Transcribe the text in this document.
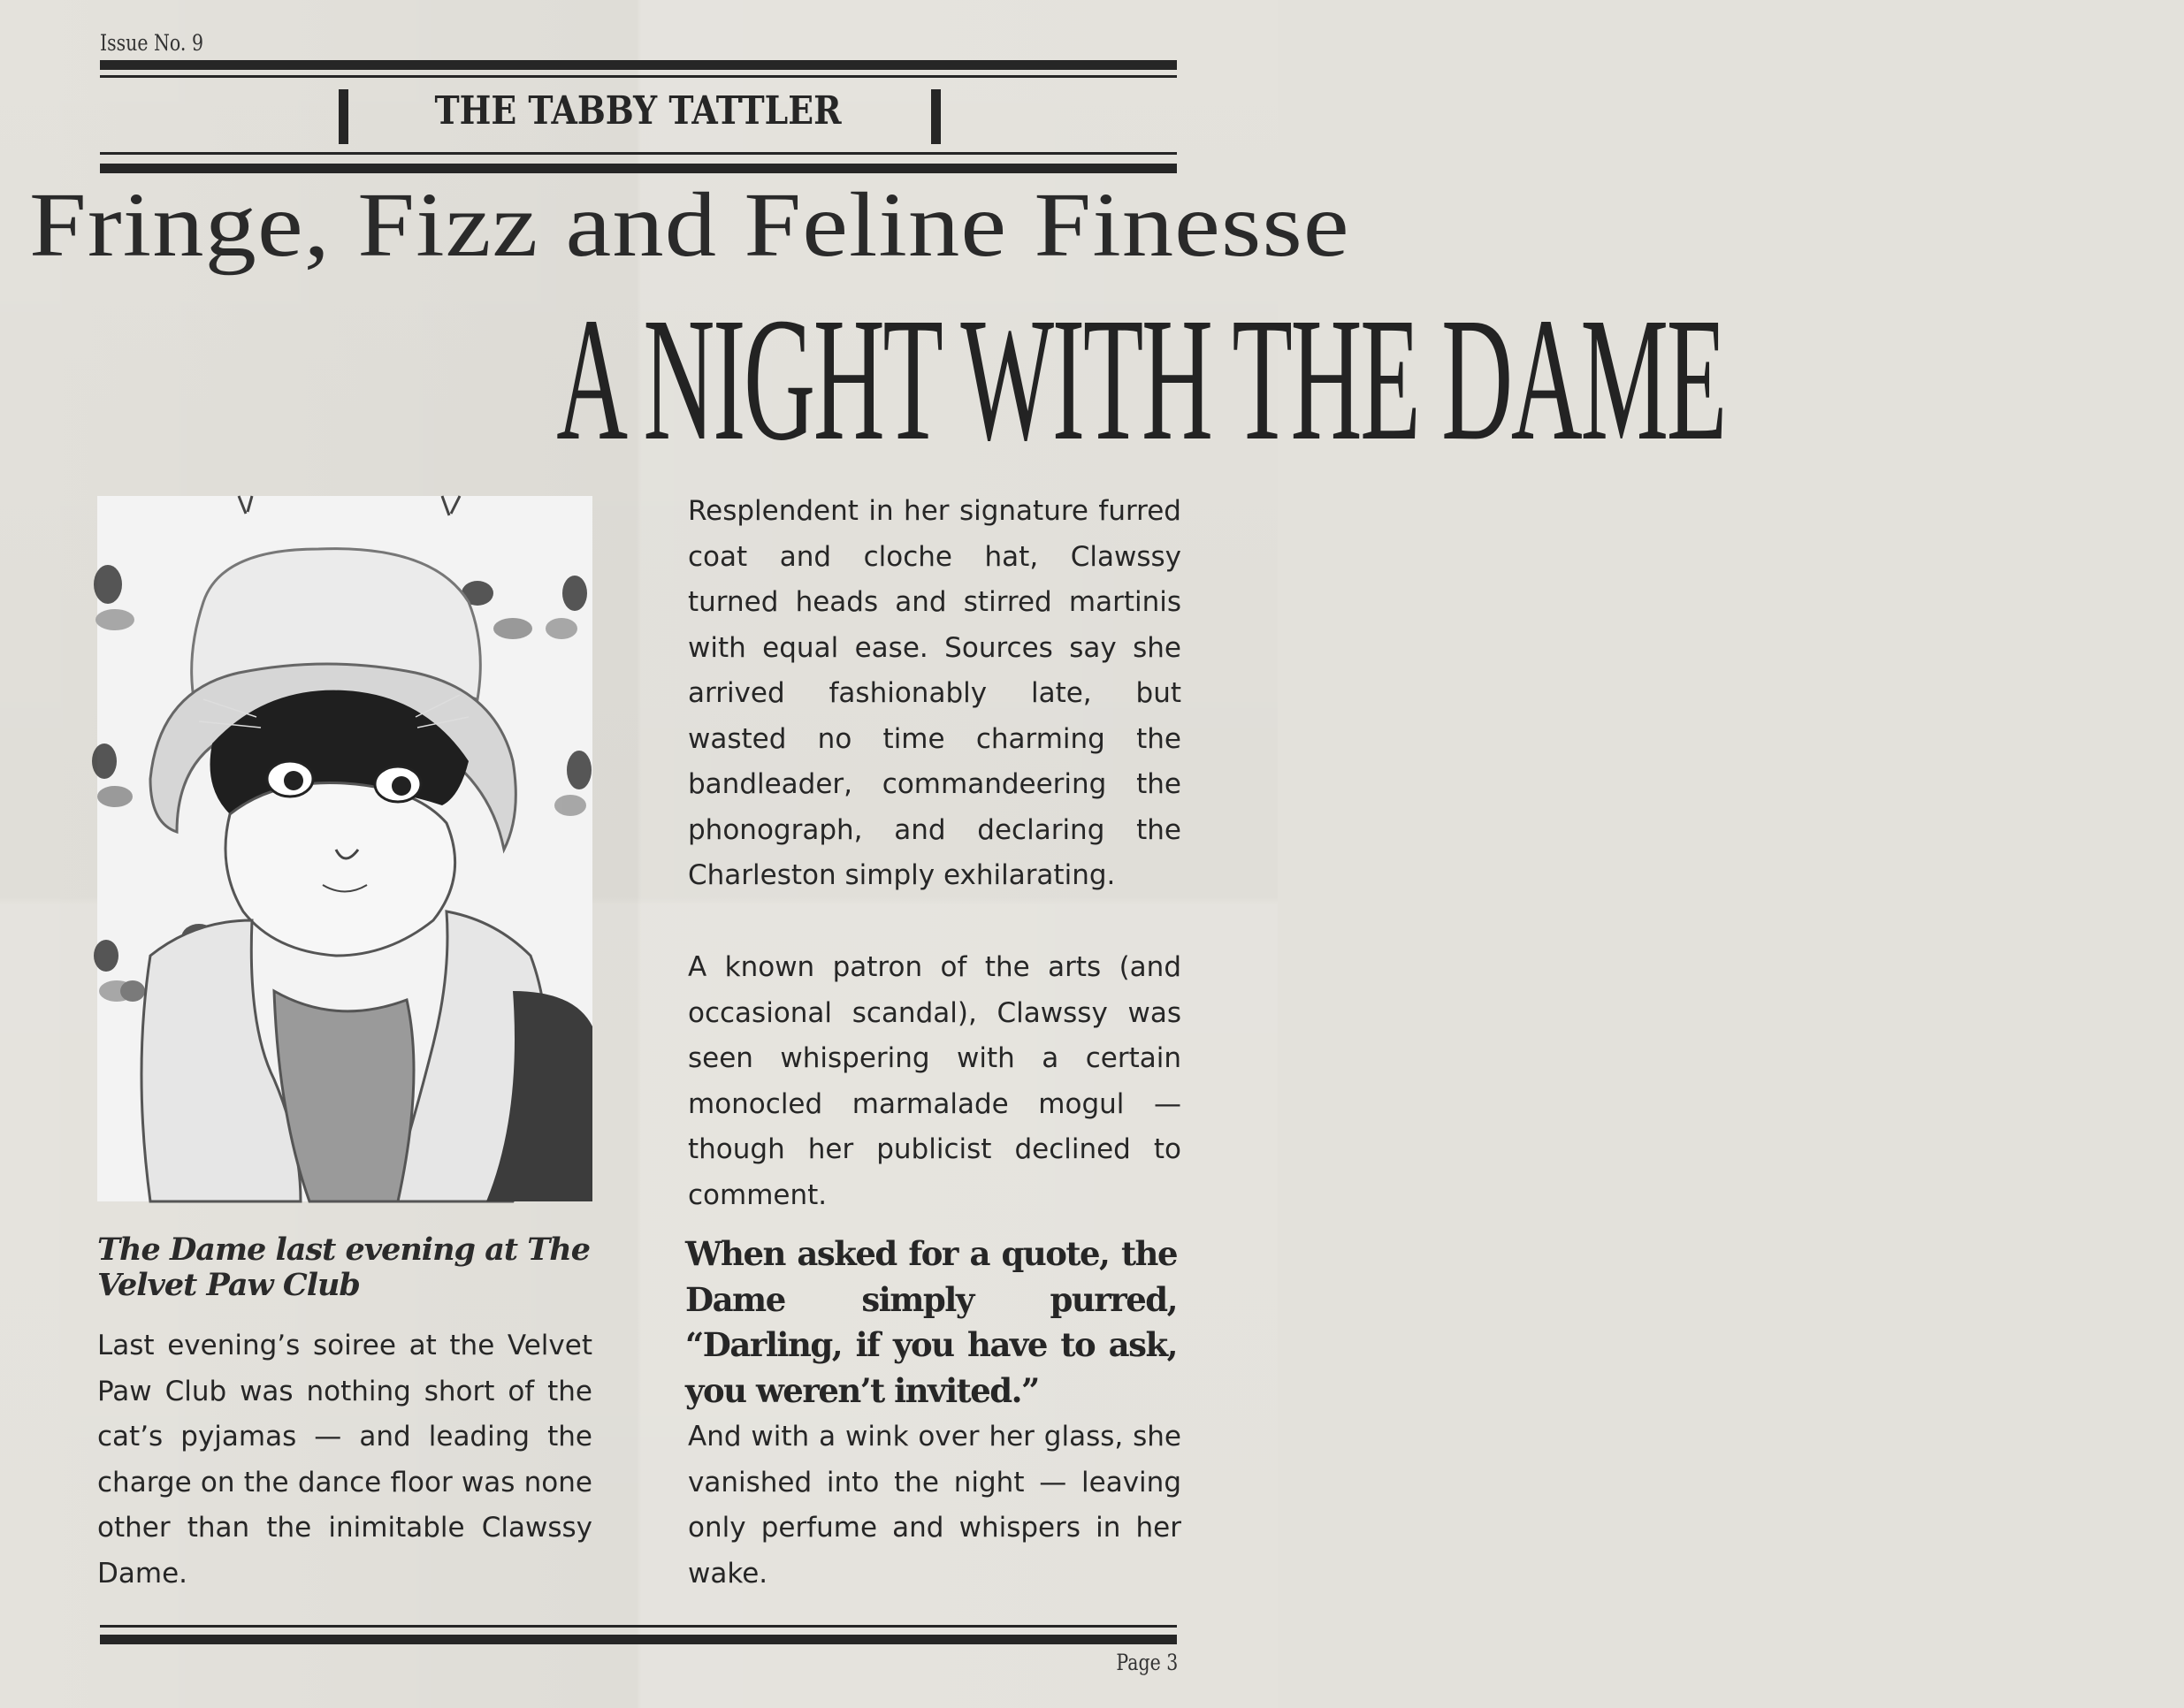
Issue No. 9
THE TABBY TATTLER
Fringe, Fizz and Feline Finesse
A NIGHT WITH THE DAME
The Dame last evening at The Velvet Paw Club

Last eveningʼs soiree at the Velvet Paw Club was nothing short of the catʼs pyjamas — and leading the charge on the dance floor was none other than the inimitable Clawssy Dame.

Resplendent in her signature furred coat and cloche hat, Clawssy turned heads and stirred martinis with equal ease. Sources say she arrived fashionably late, but wasted no time charming the bandleader, commandeering the phonograph, and declaring the Charleston simply exhilarating.

A known patron of the arts (and occasional scandal), Clawssy was seen whispering with a certain monocled marmalade mogul — though her publicist declined to comment.

When asked for a quote, the Dame simply purred, “Darling, if you have to ask, you weren’t invited.”

And with a wink over her glass, she vanished into the night — leaving only perfume and whispers in her wake.

Page 3
